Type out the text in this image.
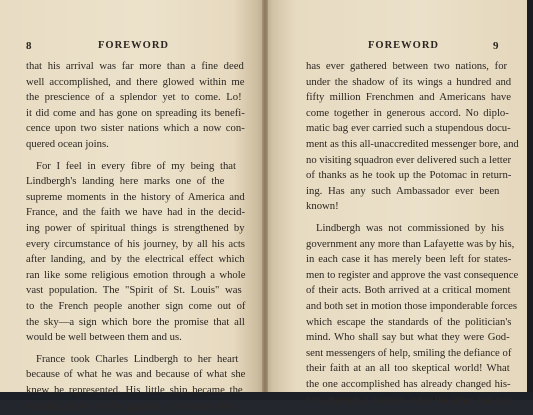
8	FOREWORD
that his arrival was far more than a fine deed
well accomplished, and there glowed within me
the prescience of a splendor yet to come. Lo!
it did come and has gone on spreading its benefi-
cence upon two sister nations which a now con-
quered ocean joins.
For I feel in every fibre of my being that
Lindbergh's landing here marks one of the
supreme moments in the history of America and
France, and the faith we have had in the decid-
ing power of spiritual things is strengthened by
every circumstance of his journey, by all his acts
after landing, and by the electrical effect which
ran like some religious emotion through a whole
vast population. The "Spirit of St. Louis" was
to the French people another sign come out of
the sky—a sign which bore the promise that all
would be well between them and us.
France took Charles Lindbergh to her heart
because of what he was and because of what she
knew he represented. His little ship became the
meeting place of the greatest conference that
FOREWORD	9
has ever gathered between two nations, for
under the shadow of its wings a hundred and
fifty million Frenchmen and Americans have
come together in generous accord. No diplo-
matic bag ever carried such a stupendous docu-
ment as this all-unaccredited messenger bore, and
no visiting squadron ever delivered such a letter
of thanks as he took up the Potomac in return-
ing. Has any such Ambassador ever been
known!
Lindbergh was not commissioned by his
government any more than Lafayette was by his,
in each case it has merely been left for states-
men to register and approve the vast consequence
of their acts. Both arrived at a critical moment
and both set in motion those imponderable forces
which escape the standards of the politician's
mind. Who shall say but what they were God-
sent messengers of help, smiling the defiance of
their faith at an all too skeptical world! What
the one accomplished has already changed his-
tory through a century; what the other has just
